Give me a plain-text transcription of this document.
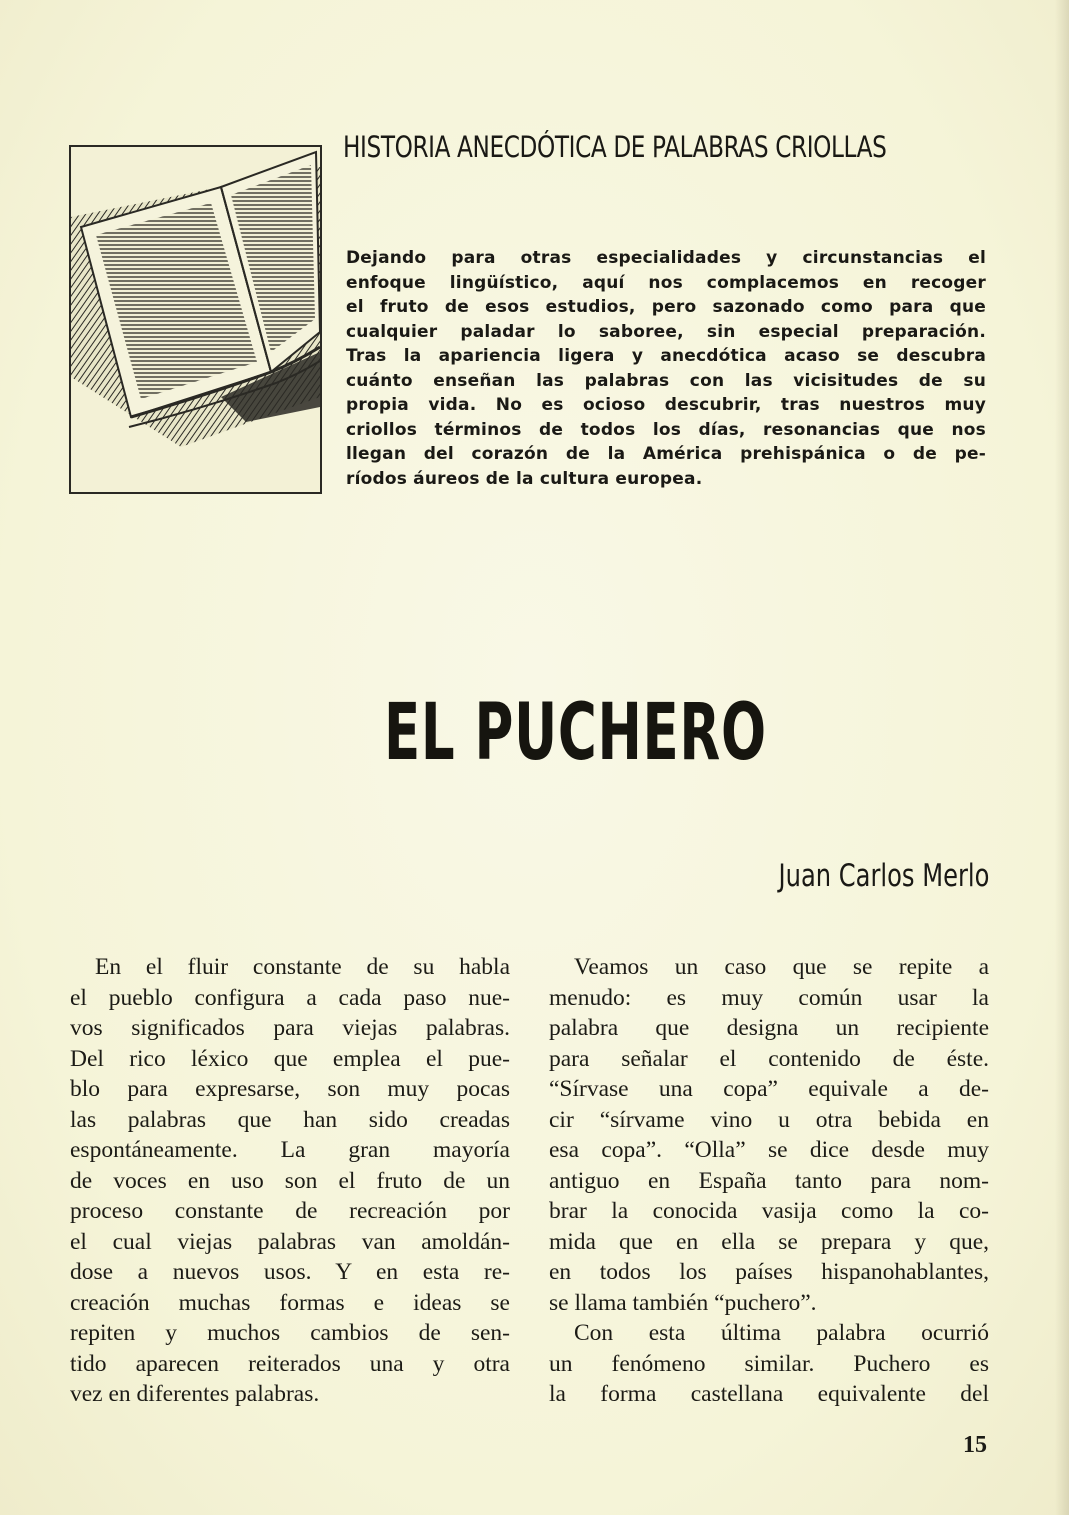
HISTORIA ANECDÓTICA DE PALABRAS CRIOLLAS
Dejando para otras especialidades y circunstancias el
enfoque lingüístico, aquí nos complacemos en recoger
el fruto de esos estudios, pero sazonado como para que
cualquier paladar lo saboree, sin especial preparación.
Tras la apariencia ligera y anecdótica acaso se descubra
cuánto enseñan las palabras con las vicisitudes de su
propia vida. No es ocioso descubrir, tras nuestros muy
criollos términos de todos los días, resonancias que nos
llegan del corazón de la América prehispánica o de pe-
ríodos áureos de la cultura europea.
EL PUCHERO
Juan Carlos Merlo
En el fluir constante de su habla
el pueblo configura a cada paso nue-
vos significados para viejas palabras.
Del rico léxico que emplea el pue-
blo para expresarse, son muy pocas
las palabras que han sido creadas
espontáneamente. La gran mayoría
de voces en uso son el fruto de un
proceso constante de recreación por
el cual viejas palabras van amoldán-
dose a nuevos usos. Y en esta re-
creación muchas formas e ideas se
repiten y muchos cambios de sen-
tido aparecen reiterados una y otra
vez en diferentes palabras.
Veamos un caso que se repite a
menudo: es muy común usar la
palabra que designa un recipiente
para señalar el contenido de éste.
“Sírvase una copa” equivale a de-
cir “sírvame vino u otra bebida en
esa copa”. “Olla” se dice desde muy
antiguo en España tanto para nom-
brar la conocida vasija como la co-
mida que en ella se prepara y que,
en todos los países hispanohablantes,
se llama también “puchero”.
Con esta última palabra ocurrió
un fenómeno similar. Puchero es
la forma castellana equivalente del
15
